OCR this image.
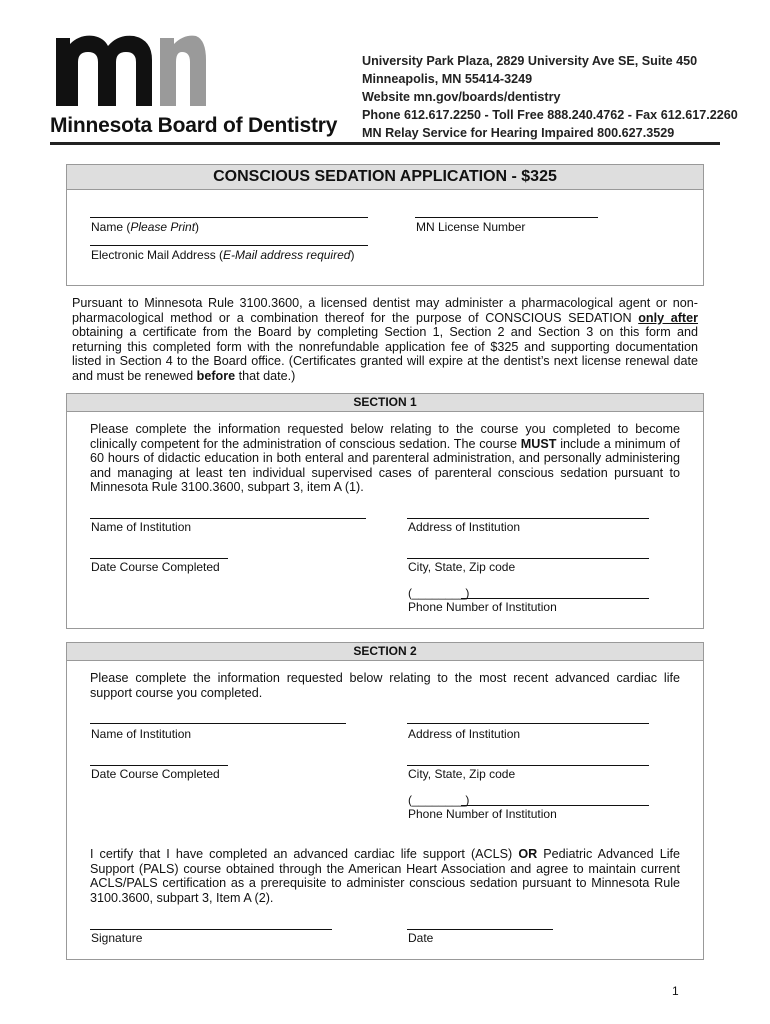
Minnesota Board of Dentistry
University Park Plaza, 2829 University Ave SE, Suite 450
Minneapolis, MN 55414-3249
Website mn.gov/boards/dentistry
Phone 612.617.2250 - Toll Free 888.240.4762 - Fax 612.617.2260
MN Relay Service for Hearing Impaired 800.627.3529
CONSCIOUS SEDATION APPLICATION - $325
Name (Please Print)	MN License Number
Electronic Mail Address (E-Mail address required)

Pursuant to Minnesota Rule 3100.3600, a licensed dentist may administer a pharmacological agent or non-pharmacological method or a combination thereof for the purpose of CONSCIOUS SEDATION only after obtaining a certificate from the Board by completing Section 1, Section 2 and Section 3 on this form and returning this completed form with the nonrefundable application fee of $325 and supporting documentation listed in Section 4 to the Board office. (Certificates granted will expire at the dentist’s next license renewal date and must be renewed before that date.)

SECTION 1

Please complete the information requested below relating to the course you completed to become clinically competent for the administration of conscious sedation. The course MUST include a minimum of 60 hours of didactic education in both enteral and parenteral administration, and personally administering and managing at least ten individual supervised cases of parenteral conscious sedation pursuant to Minnesota Rule 3100.3600, subpart 3, item A (1).

Name of Institution	Address of Institution
Date Course Completed	City, State, Zip code
(________)
Phone Number of Institution
SECTION 2

Please complete the information requested below relating to the most recent advanced cardiac life support course you completed.

Name of Institution	Address of Institution
Date Course Completed	City, State, Zip code
(________)
Phone Number of Institution

I certify that I have completed an advanced cardiac life support (ACLS) OR Pediatric Advanced Life Support (PALS) course obtained through the American Heart Association and agree to maintain current ACLS/PALS certification as a prerequisite to administer conscious sedation pursuant to Minnesota Rule 3100.3600, subpart 3, Item A (2).

Signature	Date
1
